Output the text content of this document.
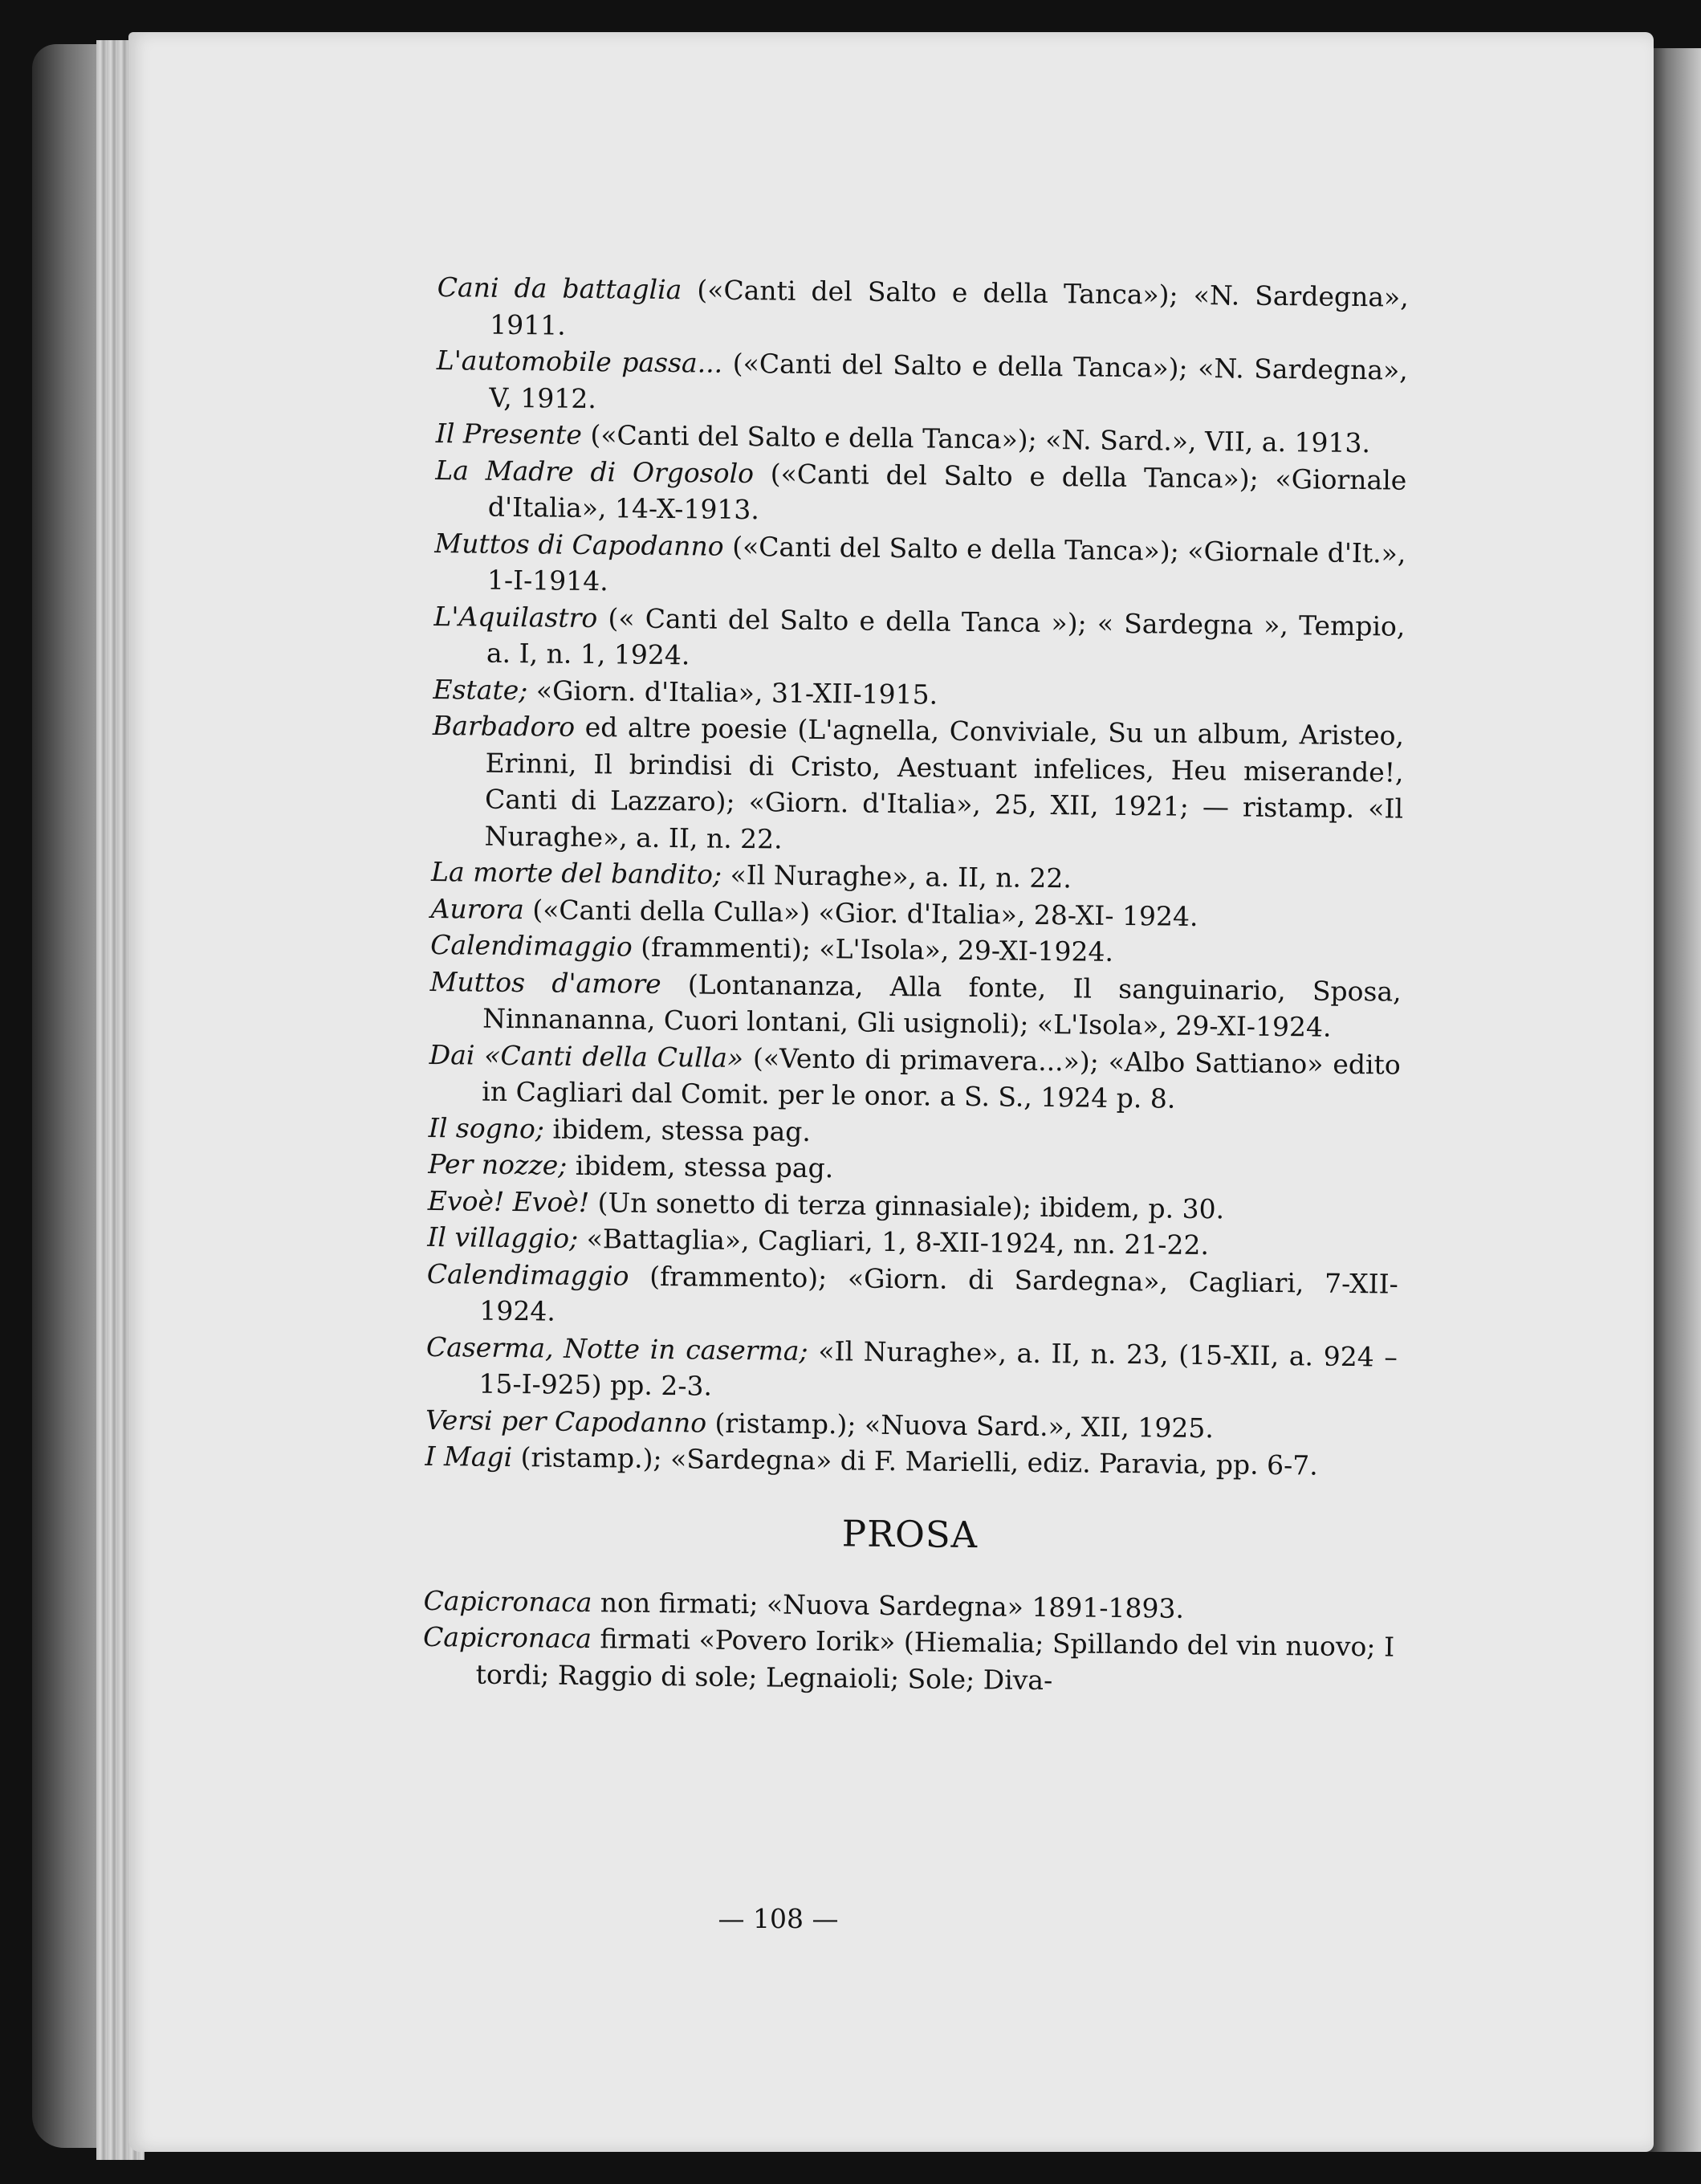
Cani da battaglia («Canti del Salto e della Tanca»); «N. Sardegna», 1911.
L'automobile passa... («Canti del Salto e della Tanca»); «N. Sardegna», V, 1912.
Il Presente («Canti del Salto e della Tanca»); «N. Sard.», VII, a. 1913.
La Madre di Orgosolo («Canti del Salto e della Tanca»); «Giornale d'Italia», 14-X-1913.
Muttos di Capodanno («Canti del Salto e della Tanca»); «Giornale d'It.», 1-I-1914.
L'Aquilastro (« Canti del Salto e della Tanca »); « Sardegna », Tempio, a. I, n. 1, 1924.
Estate; «Giorn. d'Italia», 31-XII-1915.
Barbadoro ed altre poesie (L'agnella, Conviviale, Su un album, Aristeo, Erinni, Il brindisi di Cristo, Aestuant infelices, Heu miserande!, Canti di Lazzaro); «Giorn. d'Italia», 25, XII, 1921; — ristamp. «Il Nuraghe», a. II, n. 22.
La morte del bandito; «Il Nuraghe», a. II, n. 22.
Aurora («Canti della Culla») «Gior. d'Italia», 28-XI- 1924.
Calendimaggio (frammenti); «L'Isola», 29-XI-1924.
Muttos d'amore (Lontananza, Alla fonte, Il sanguinario, Sposa, Ninnananna, Cuori lontani, Gli usignoli); «L'Isola», 29-XI-1924.
Dai «Canti della Culla» («Vento di primavera...»); «Albo Sattiano» edito in Cagliari dal Comit. per le onor. a S. S., 1924 p. 8.
Il sogno; ibidem, stessa pag.
Per nozze; ibidem, stessa pag.
Evoè! Evoè! (Un sonetto di terza ginnasiale); ibidem, p. 30.
Il villaggio; «Battaglia», Cagliari, 1, 8-XII-1924, nn. 21-22.
Calendimaggio (frammento); «Giorn. di Sardegna», Cagliari, 7-XII-1924.
Caserma, Notte in caserma; «Il Nuraghe», a. II, n. 23, (15-XII, a. 924 – 15-I-925) pp. 2-3.
Versi per Capodanno (ristamp.); «Nuova Sard.», XII, 1925.
I Magi (ristamp.); «Sardegna» di F. Marielli, ediz. Paravia, pp. 6-7.
PROSA
Capicronaca non firmati; «Nuova Sardegna» 1891-1893.
Capicronaca firmati «Povero Iorik» (Hiemalia; Spillando del vin nuovo; I tordi; Raggio di sole; Legnaioli; Sole; Diva-
— 108 —
